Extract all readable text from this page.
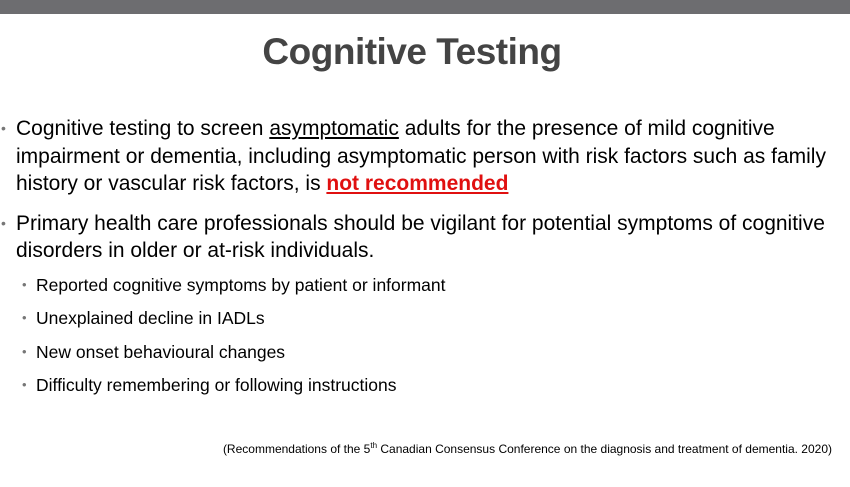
Cognitive Testing
• Cognitive testing to screen asymptomatic adults for the presence of mild cognitive impairment or dementia, including asymptomatic person with risk factors such as family history or vascular risk factors, is not recommended
• Primary health care professionals should be vigilant for potential symptoms of cognitive disorders in older or at-risk individuals.
• Reported cognitive symptoms by patient or informant
• Unexplained decline in IADLs
• New onset behavioural changes
• Difficulty remembering or following instructions
(Recommendations of the 5th Canadian Consensus Conference on the diagnosis and treatment of dementia. 2020)
